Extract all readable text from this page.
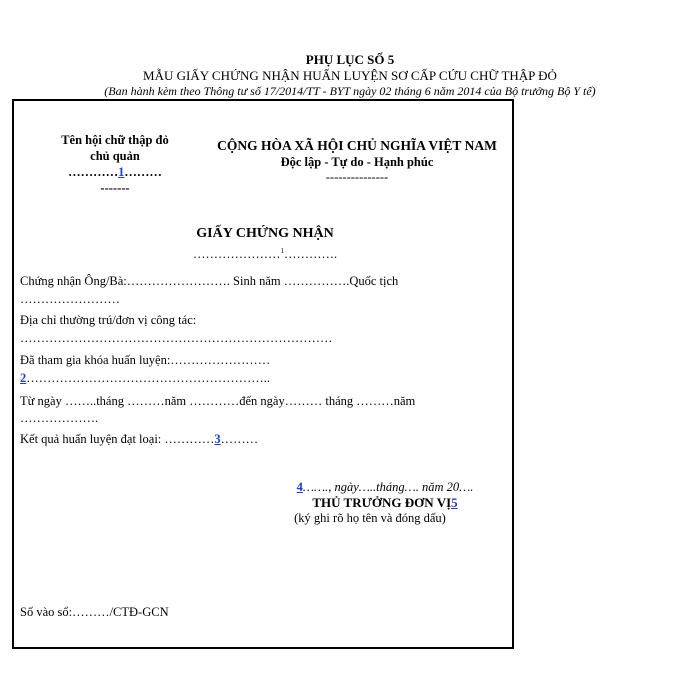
PHỤ LỤC SỐ 5
MẪU GIẤY CHỨNG NHẬN HUẤN LUYỆN SƠ CẤP CỨU CHỮ THẬP ĐỎ
(Ban hành kèm theo Thông tư số 17/2014/TT - BYT ngày 02 tháng 6 năm 2014 của Bộ trưởng Bộ Y tế)
Tên hội chữ thập đỏ
chủ quản
…………1………
-------
CỘNG HÒA XÃ HỘI CHỦ NGHĨA VIỆT NAM
Độc lập - Tự do - Hạnh phúc
---------------
GIẤY CHỨNG NHẬN
…………………$^1$………….
Chứng nhận Ông/Bà:……………………. Sinh năm …………….Quốc tịch
……………………
Địa chỉ thường trú/đơn vị công tác:
…………………………………………………………………
Đã tham gia khóa huấn luyện:……………………
2…………………………………………………..
Từ ngày ……..tháng ………năm …………đến ngày……… tháng ………năm
……………….
Kết quả huấn luyện đạt loại: …………3………
4……., ngày…..tháng…. năm 20….
THỦ TRƯỞNG ĐƠN VỊ5
(ký ghi rõ họ tên và đóng dấu)
Số vào sổ:………/CTĐ-GCN
